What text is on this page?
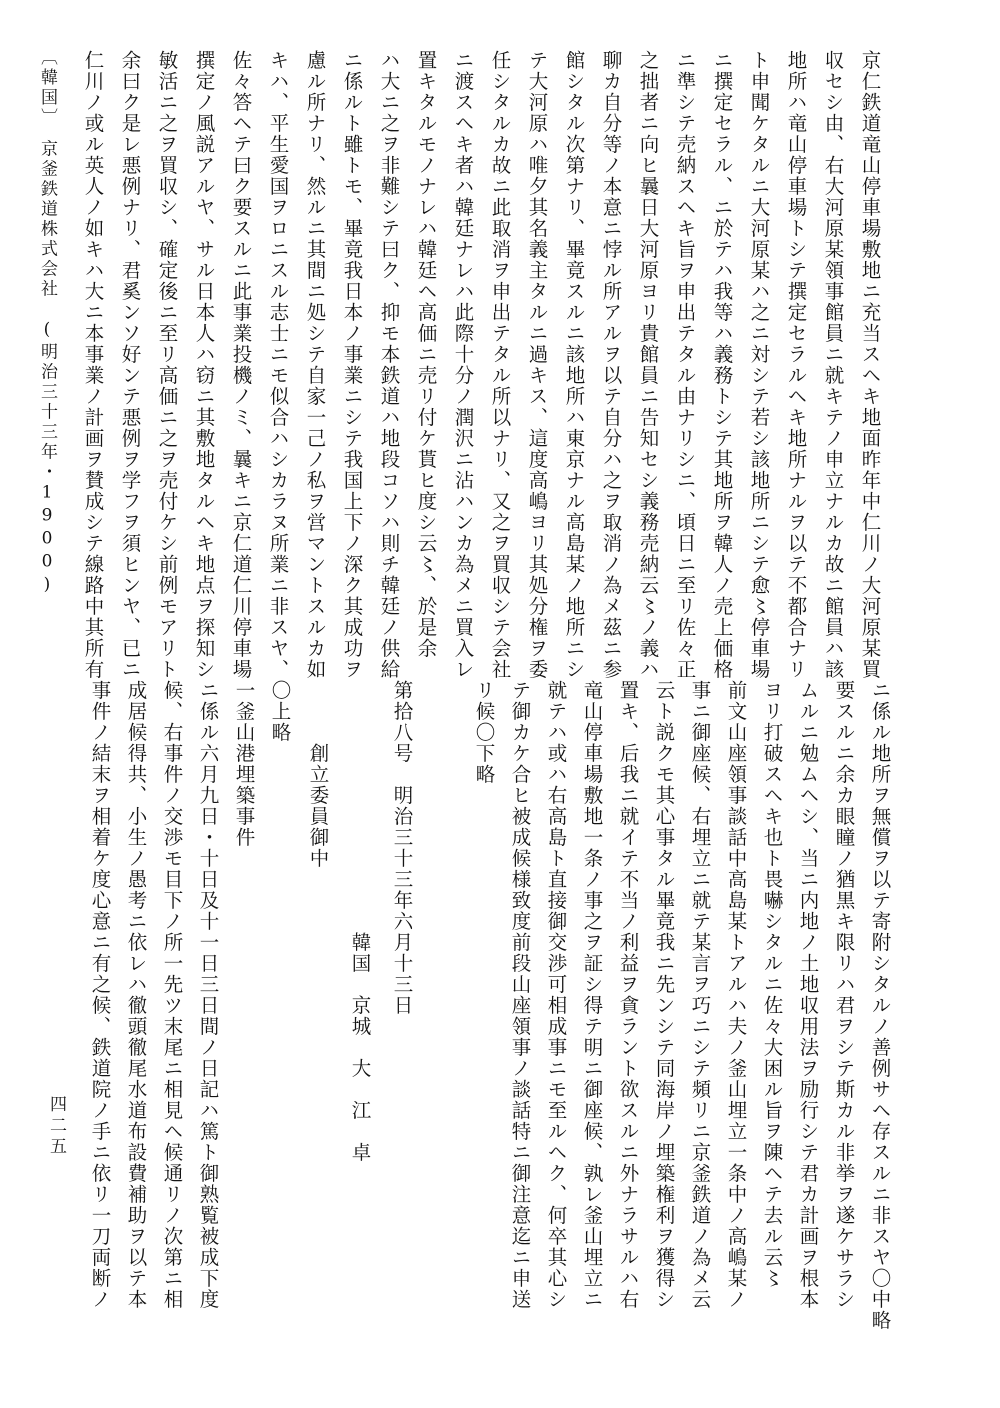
〔韓国〕　京釜鉄道株式会社　(明治三十三年・1900)
四二五
京仁鉄道竜山停車場敷地ニ充当スヘキ地面昨年中仁川ノ大河原某買
収セシ由、右大河原某領事館員ニ就キテノ申立ナルカ故ニ館員ハ該
地所ハ竜山停車場トシテ撰定セラルヘキ地所ナルヲ以テ不都合ナリ
ト申聞ケタルニ大河原某ハ之ニ対シテ若シ該地所ニシテ愈〻停車場
ニ撰定セラル、ニ於テハ我等ハ義務トシテ其地所ヲ韓人ノ売上価格
ニ準シテ売納スヘキ旨ヲ申出テタル由ナリシニ、頃日ニ至リ佐々正
之拙者ニ向ヒ曩日大河原ヨリ貴館員ニ告知セシ義務売納云〻ノ義ハ
聊カ自分等ノ本意ニ悖ル所アルヲ以テ自分ハ之ヲ取消ノ為メ茲ニ参
館シタル次第ナリ、畢竟スルニ該地所ハ東京ナル高島某ノ地所ニシ
テ大河原ハ唯夕其名義主タルニ過キス、這度高嶋ヨリ其処分権ヲ委
任シタルカ故ニ此取消ヲ申出テタル所以ナリ、又之ヲ買収シテ会社
ニ渡スヘキ者ハ韓廷ナレハ此際十分ノ潤沢ニ沾ハンカ為メニ買入レ
置キタルモノナレハ韓廷ヘ高価ニ売リ付ケ貰ヒ度シ云〻、於是余
ハ大ニ之ヲ非難シテ曰ク、抑モ本鉄道ハ地段コソハ則チ韓廷ノ供給
ニ係ルト雖トモ、畢竟我日本ノ事業ニシテ我国上下ノ深ク其成功ヲ
慮ル所ナリ、然ルニ其間ニ処シテ自家一己ノ私ヲ営マントスルカ如
キハ、平生愛国ヲロニスル志士ニモ似合ハシカラヌ所業ニ非スヤ、
佐々答ヘテ曰ク要スルニ此事業投機ノミ、曩キニ京仁道仁川停車場
撰定ノ風説アルヤ、サル日本人ハ窃ニ其敷地タルヘキ地点ヲ探知シ
敏活ニ之ヲ買収シ、確定後ニ至リ高価ニ之ヲ売付ケシ前例モアリト
余曰ク是レ悪例ナリ、君奚ンソ好ンテ悪例ヲ学フヲ須ヒンヤ、已ニ
仁川ノ或ル英人ノ如キハ大ニ本事業ノ計画ヲ賛成シテ線路中其所有
ニ係ル地所ヲ無償ヲ以テ寄附シタルノ善例サヘ存スルニ非スヤ〇中略
要スルニ余カ眼瞳ノ猶黒キ限リハ君ヲシテ斯カル非挙ヲ遂ケサラシ
ムルニ勉ムヘシ、当ニ内地ノ土地収用法ヲ励行シテ君カ計画ヲ根本
ヨリ打破スヘキ也ト畏嚇シタルニ佐々大困ル旨ヲ陳ヘテ去ル云〻
前文山座領事談話中高島某トアルハ夫ノ釜山埋立一条中ノ高嶋某ノ
事ニ御座候、右埋立ニ就テ某言ヲ巧ニシテ頻リニ京釜鉄道ノ為メ云
云ト説クモ其心事タル畢竟我ニ先ンシテ同海岸ノ埋築権利ヲ獲得シ
置キ、后我ニ就イテ不当ノ利益ヲ貪ラント欲スルニ外ナラサルハ右
竜山停車場敷地一条ノ事之ヲ証シ得テ明ニ御座候、孰レ釜山埋立ニ
就テハ或ハ右高島ト直接御交渉可相成事ニモ至ルヘク、何卒其心シ
テ御カケ合ヒ被成候様致度前段山座領事ノ談話特ニ御注意迄ニ申送
リ候〇下略
第拾八号　明治三十三年六月十三日
　　　　　　　　　　　　韓国　京城　大　江　卓
　　　創立委員御中
〇上略
一釜山港埋築事件
ニ係ル六月九日・十日及十一日三日間ノ日記ハ篤ト御熟覧被成下度
候、右事件ノ交渉モ目下ノ所一先ツ末尾ニ相見ヘ候通リノ次第ニ相
成居候得共、小生ノ愚考ニ依レハ徹頭徹尾水道布設費補助ヲ以テ本
事件ノ結末ヲ相着ケ度心意ニ有之候、鉄道院ノ手ニ依リ一刀両断ノ
